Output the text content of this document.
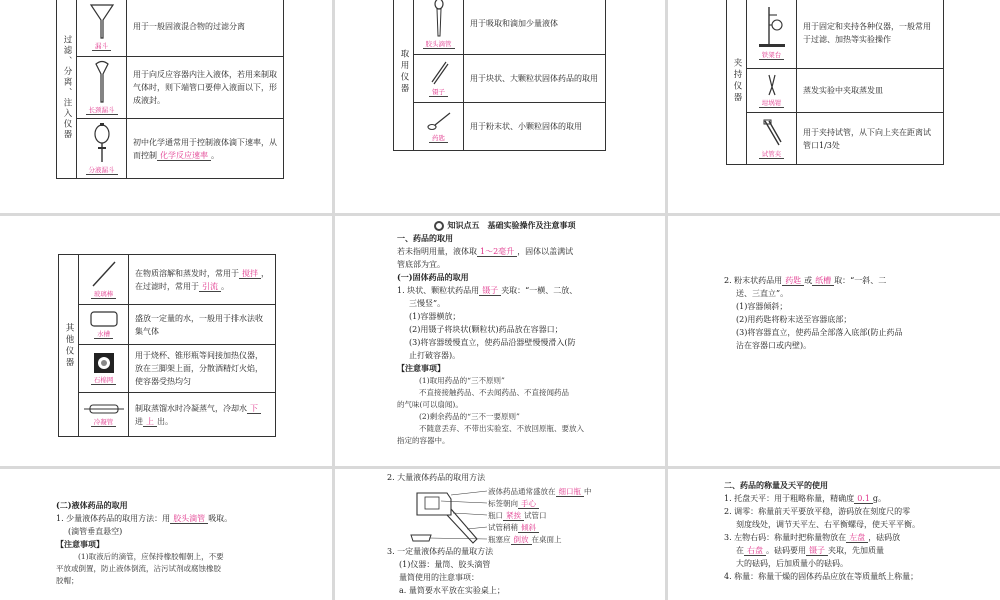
过滤、分离、注入仪器	漏斗	用于一般固液混合物的过滤分离

	长颈漏斗	用于向反应容器内注入液体，若用来制取气体时，则下端管口要伸入液面以下，形成液封。

	分液漏斗	初中化学通常用于控制液体滴下速率，从而控制 化学反应速率 。
取用仪器	胶头滴管	用于吸取和滴加少量液体

	镊子	用于块状、大颗粒状固体药品的取用

	药匙	用于粉末状、小颗粒固体的取用
夹持仪器	铁架台	用于固定和夹持各种仪器，一般常用于过滤、加热等实验操作

	坩埚钳	蒸发实验中夹取蒸发皿

	试管夹	用于夹持试管，从下向上夹在距离试管口1/3处
其他仪器	玻璃棒	在物质溶解和蒸发时，常用于 搅拌 ，
在过滤时，常用于 引流 。

	水槽	盛放一定量的水，一般用于排水法收集气体

	石棉网	用于烧杯、锥形瓶等间接加热仪器，放在三脚架上面，分散酒精灯火焰，使容器受热均匀

	冷凝管	制取蒸馏水时冷凝蒸气，冷却水 下
进 上 出。
知识点五　基础实验操作及注意事项

一、药品的取用

若未指明用量，液体取 1～2毫升 ，固体以盖满试

管底部为宜。

(一)固体药品的取用

1. 块状、颗粒状药品用 镊子 夹取：“一横、二放、

三慢竖”。

(1)容器横放；

(2)用镊子将块状(颗粒状)药品放在容器口；

(3)将容器缓慢直立，使药品沿器壁慢慢滑入(防

止打破容器)。

【注意事项】

(1)取用药品的“三不原则”

不直接接触药品、不去闻药品、不直接闻药品

的气味(可以扇闻)。

(2)剩余药品的“三不一要原则”

不随意丢弃、不带出实验室、不放回原瓶、要放入

指定的容器中。

2. 粉末状药品用 药匙 或 纸槽 取：“一斜、二

送、三直立”。

(1)容器倾斜；

(2)用药匙将粉末送至容器底部；

(3)将容器直立，使药品全部落入底部(防止药品

沾在容器口或内壁)。

(二)液体药品的取用

1. 少量液体药品的取用方法：用 胶头滴管 吸取。

(滴管垂直悬空)

【注意事项】

(1)取液后的滴管，应保持橡胶帽朝上，不要

平放或倒置，防止液体倒流，沾污试剂或腐蚀橡胶

胶帽；

2. 大量液体药品的取用方法

液体药品通常盛放在 细口瓶 中

标签朝向 手心

瓶口 紧挨 试管口

试管稍稍 倾斜

瓶塞应 倒放 在桌面上

3. 一定量液体药品的量取方法

(1)仪器：量筒、胶头滴管

量筒使用的注意事项：

a. 量筒要水平放在实验桌上；

二、药品的称量及天平的使用

1. 托盘天平：用于粗略称量，精确度 0.1 g。

2. 调零：称量前天平要放平稳，游码放在刻度尺的零

刻度线处，调节天平左、右平衡螺母，使天平平衡。

3. 左物右码：称量时把称量物放在 左盘 ，砝码放

在 右盘 。砝码要用 镊子 夹取，先加质量

大的砝码，后加质量小的砝码。

4. 称量：称量干燥的固体药品应放在等质量纸上称量；
